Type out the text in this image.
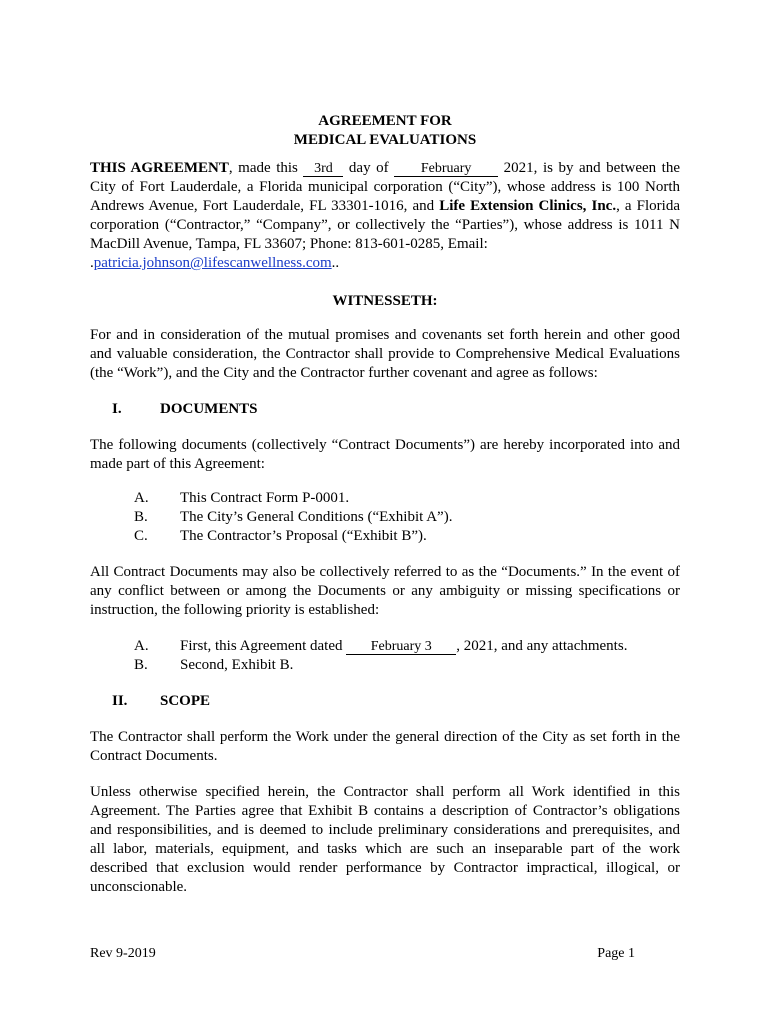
AGREEMENT FOR
MEDICAL EVALUATIONS

THIS AGREEMENT, made this 3rd day of February 2021, is by and between the City of Fort Lauderdale, a Florida municipal corporation (“City”), whose address is 100 North Andrews Avenue, Fort Lauderdale, FL 33301-1016, and Life Extension Clinics, Inc., a Florida corporation (“Contractor,” “Company”, or collectively the “Parties”), whose address is 1011 N MacDill Avenue, Tampa, FL 33607; Phone: 813-601-0285, Email:
.patricia.johnson@lifescanwellness.com..

WITNESSETH:

For and in consideration of the mutual promises and covenants set forth herein and other good and valuable consideration, the Contractor shall provide to Comprehensive Medical Evaluations (the “Work”), and the City and the Contractor further covenant and agree as follows:

I.	DOCUMENTS

The following documents (collectively “Contract Documents”) are hereby incorporated into and made part of this Agreement:

A.	This Contract Form P-0001.
B.	The City’s General Conditions (“Exhibit A”).
C.	The Contractor’s Proposal (“Exhibit B”).

All Contract Documents may also be collectively referred to as the “Documents.” In the event of any conflict between or among the Documents or any ambiguity or missing specifications or instruction, the following priority is established:

A.	First, this Agreement dated February 3 , 2021, and any attachments.
B.	Second, Exhibit B.
II.	SCOPE

The Contractor shall perform the Work under the general direction of the City as set forth in the Contract Documents.

Unless otherwise specified herein, the Contractor shall perform all Work identified in this Agreement. The Parties agree that Exhibit B contains a description of Contractor’s obligations and responsibilities, and is deemed to include preliminary considerations and prerequisites, and all labor, materials, equipment, and tasks which are such an inseparable part of the work described that exclusion would render performance by Contractor impractical, illogical, or unconscionable.

Rev 9-2019	Page 1
